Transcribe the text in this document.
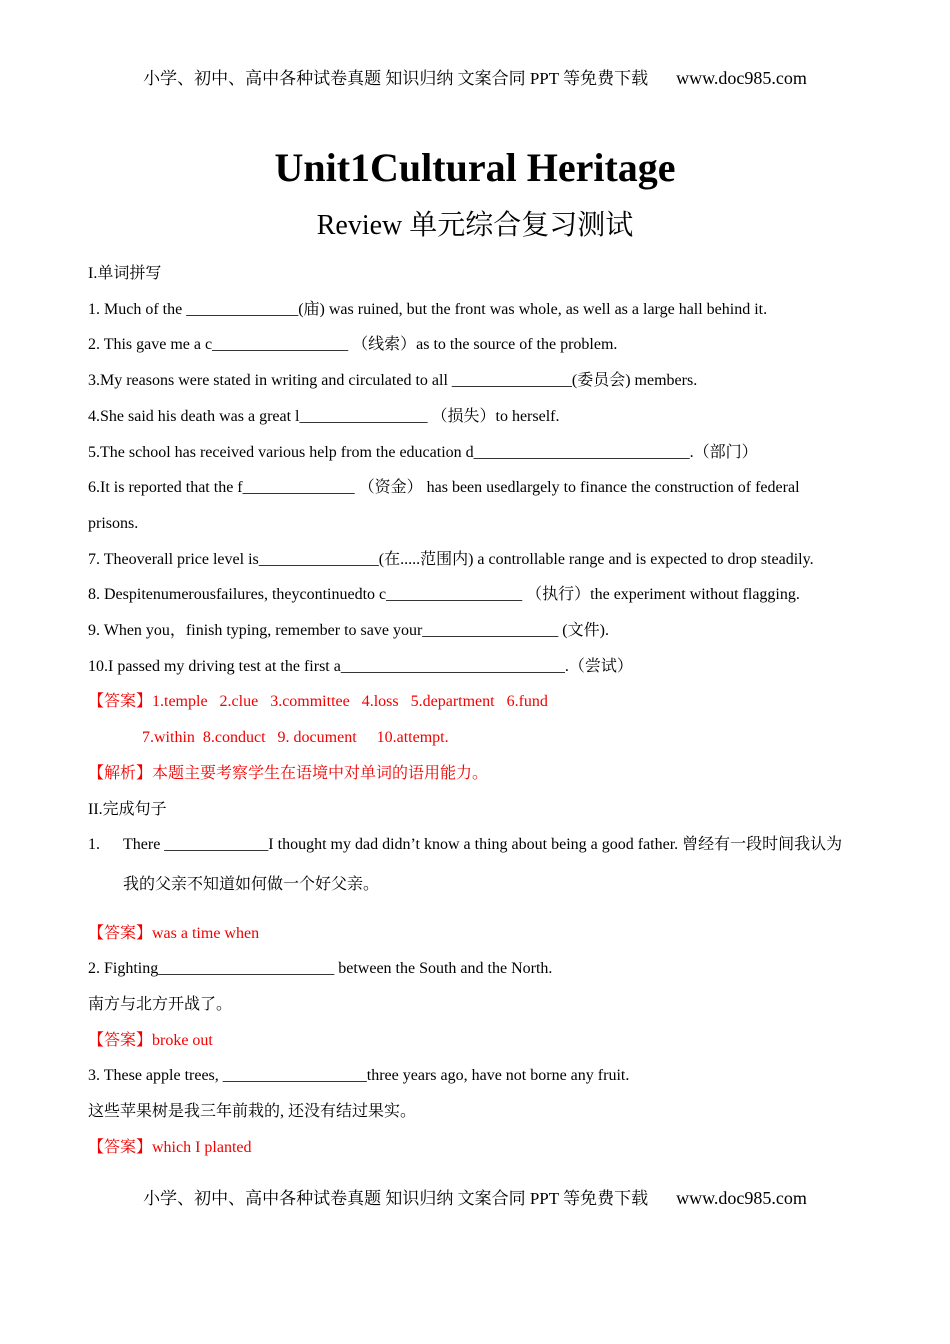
小学、初中、高中各种试卷真题 知识归纳 文案合同 PPT 等免费下载 www.doc985.com
Unit1Cultural Heritage
Review 单元综合复习测试

I.单词拼写

1. Much of the ______________(庙) was ruined, but the front was whole, as well as a large hall behind it.

2. This gave me a c_________________ （线索）as to the source of the problem.

3.My reasons were stated in writing and circulated to all _______________(委员会) members.

4.She said his death was a great l________________ （损失）to herself.

5.The school has received various help from the education d___________________________.（部门）

6.It is reported that the f______________ （资金） has been usedlargely to finance the construction of federal

prisons.

7. Theoverall price level is_______________(在.....范围内) a controllable range and is expected to drop steadily.

8. Despitenumerousfailures, theycontinuedto c_________________ （执行）the experiment without flagging.

9. When you，finish typing, remember to save your_________________ (文件).

10.I passed my driving test at the first a____________________________.（尝试）

【答案】1.temple   2.clue   3.committee   4.loss   5.department   6.fund

7.within  8.conduct   9. document     10.attempt.

【解析】本题主要考察学生在语境中对单词的语用能力。

II.完成句子

1.	There _____________I thought my dad didn’t know a thing about being a good father. 曾经有一段时间我认为

我的父亲不知道如何做一个好父亲。

【答案】was a time when

2. Fighting______________________ between the South and the North.

南方与北方开战了。

【答案】broke out

3. These apple trees, __________________three years ago, have not borne any fruit.

这些苹果树是我三年前栽的, 还没有结过果实。

【答案】which I planted

小学、初中、高中各种试卷真题 知识归纳 文案合同 PPT 等免费下载 www.doc985.com
